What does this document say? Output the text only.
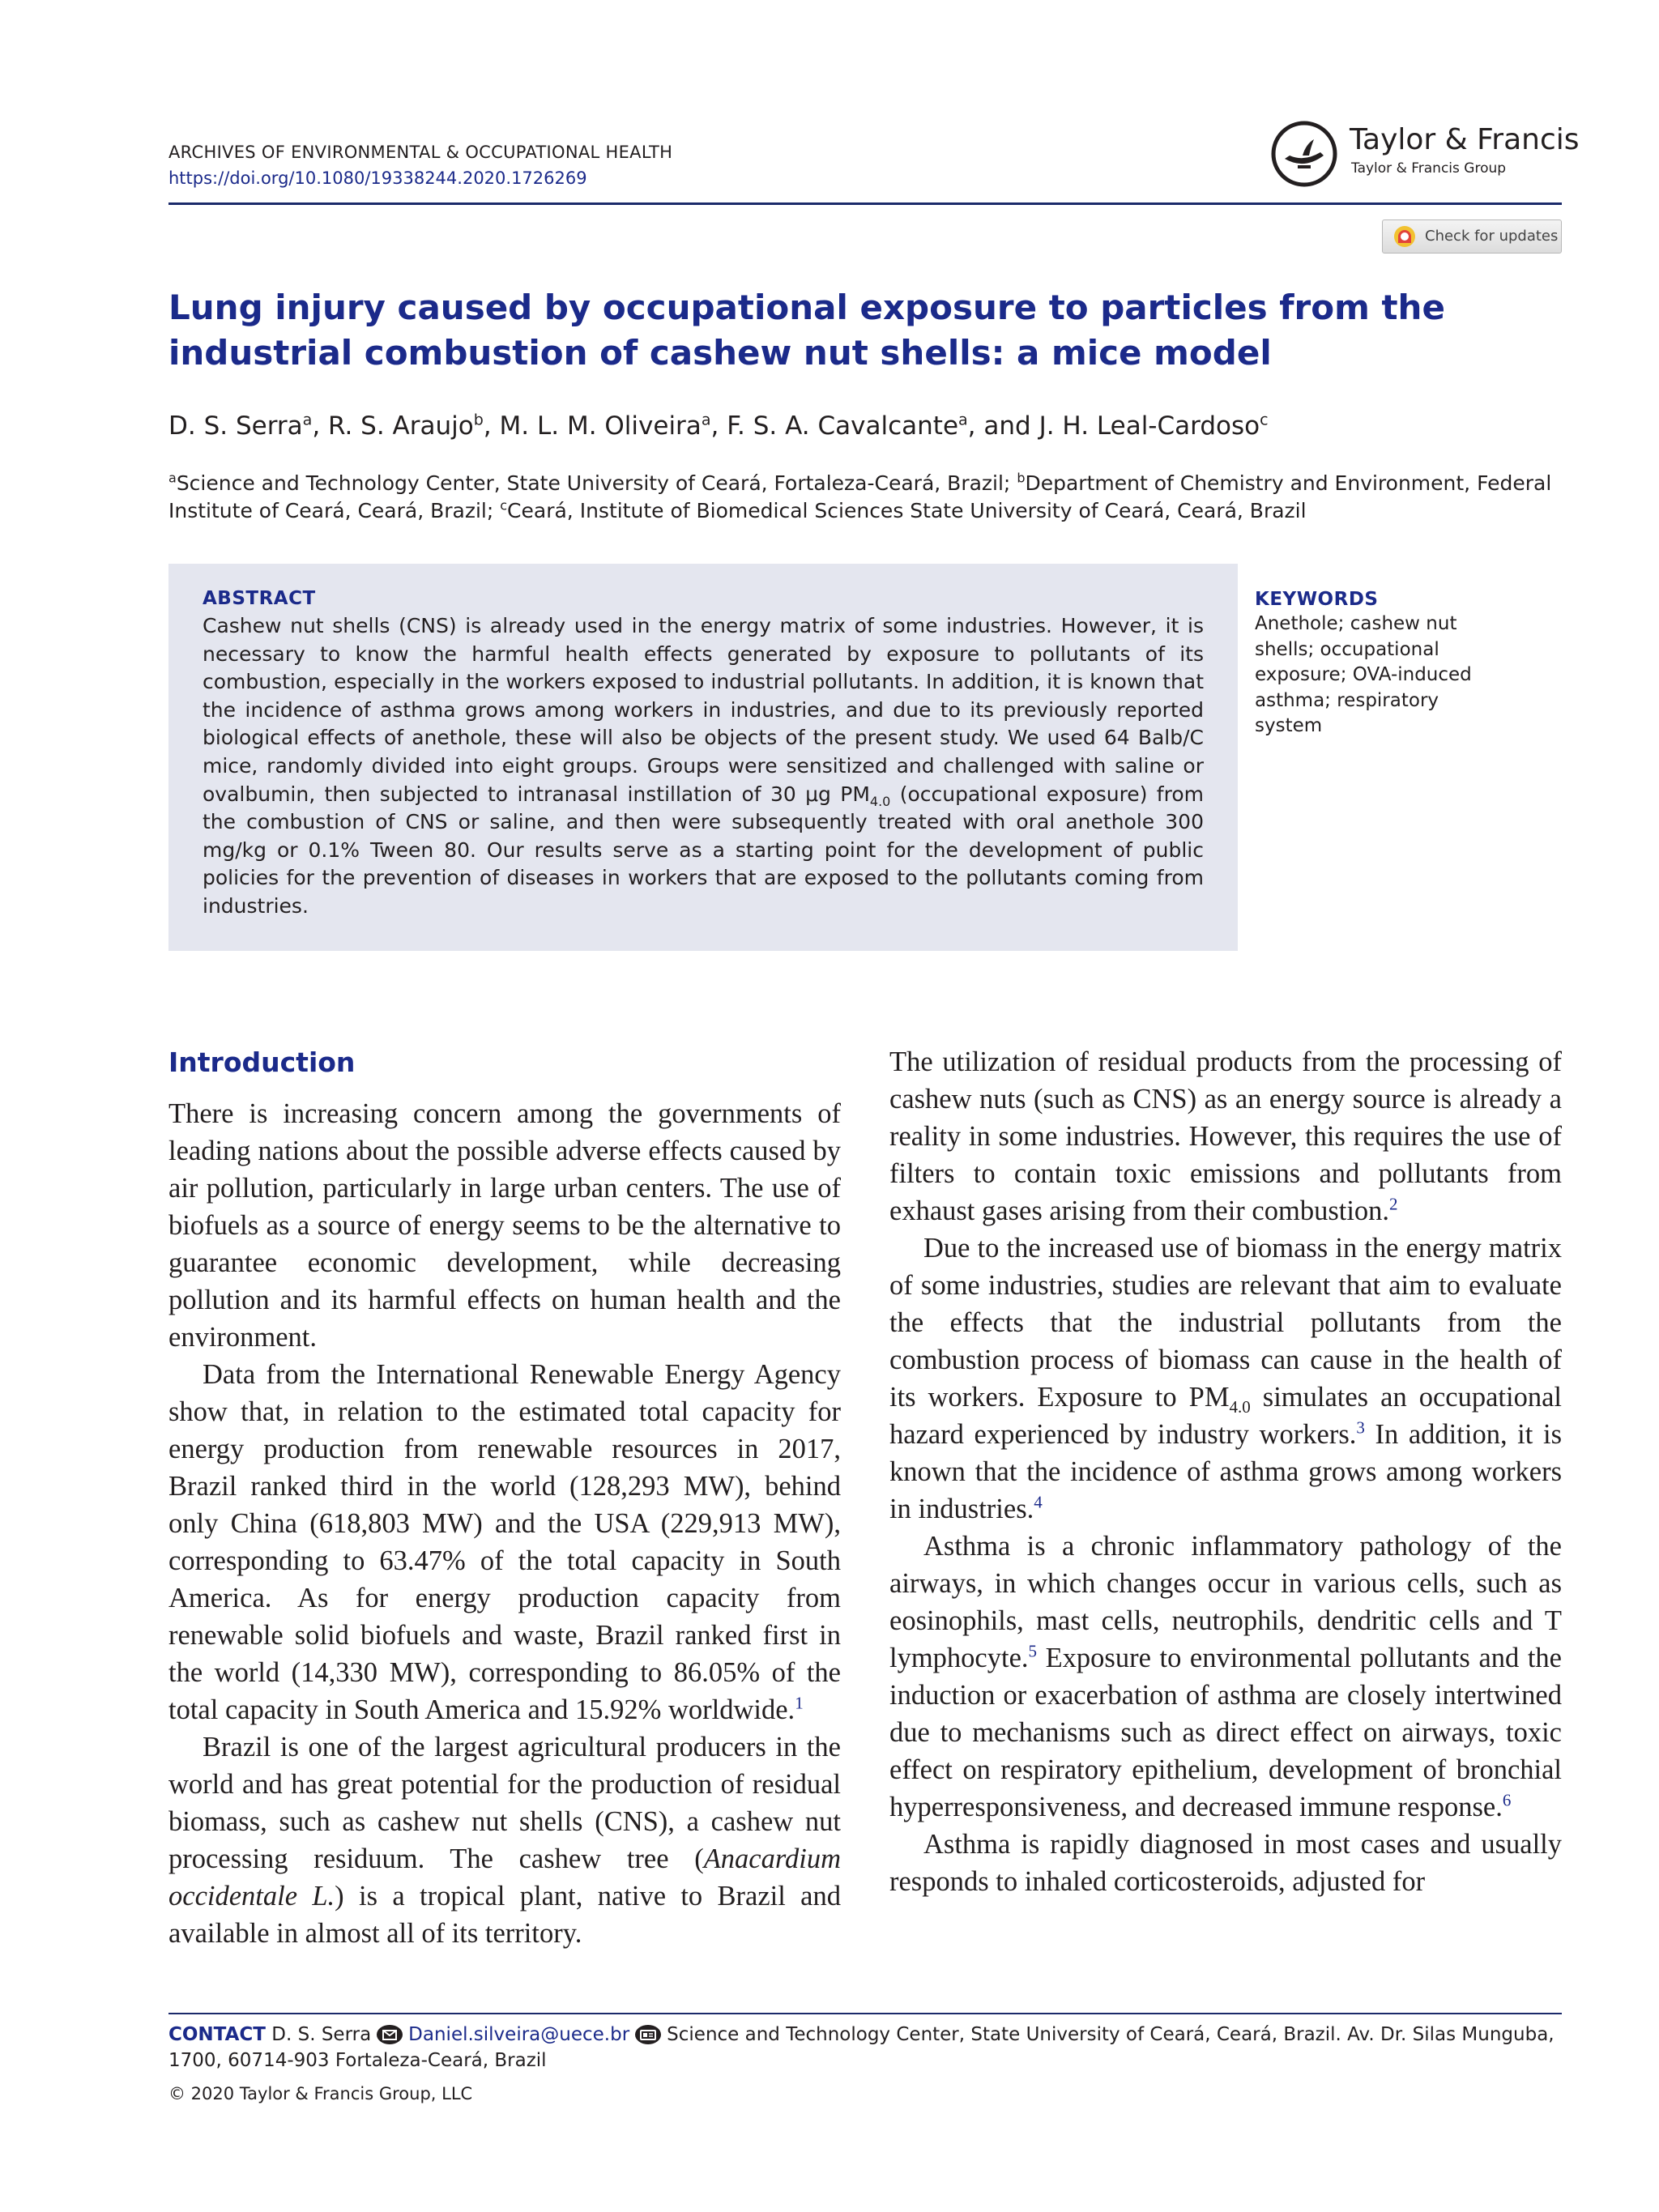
ARCHIVES OF ENVIRONMENTAL & OCCUPATIONAL HEALTH
https://doi.org/10.1080/19338244.2020.1726269
Taylor & Francis
Taylor & Francis Group
Check for updates
Lung injury caused by occupational exposure to particles from the industrial combustion of cashew nut shells: a mice model
D. S. Serra$^a$, R. S. Araujo$^b$, M. L. M. Oliveira$^a$, F. S. A. Cavalcante$^a$, and J. H. Leal-Cardoso$^c$
$^a$Science and Technology Center, State University of Ceará, Fortaleza-Ceará, Brazil; $^b$Department of Chemistry and Environment, Federal Institute of Ceará, Ceará, Brazil; $^c$Ceará, Institute of Biomedical Sciences State University of Ceará, Ceará, Brazil
ABSTRACT

Cashew nut shells (CNS) is already used in the energy matrix of some industries. However, it is necessary to know the harmful health effects generated by exposure to pollutants of its combustion, especially in the workers exposed to industrial pollutants. In addition, it is known that the incidence of asthma grows among workers in industries, and due to its previously reported biological effects of anethole, these will also be objects of the present study. We used 64 Balb/C mice, randomly divided into eight groups. Groups were sensitized and challenged with saline or ovalbumin, then subjected to intranasal instillation of 30 μg $PM_{4.0}$ (occupational exposure) from the combustion of CNS or saline, and then were subsequently treated with oral anethole 300 mg/kg or 0.1% Tween 80. Our results serve as a starting point for the development of public policies for the prevention of diseases in workers that are exposed to the pollutants coming from industries.

KEYWORDS

Anethole; cashew nut shells; occupational exposure; OVA-induced asthma; respiratory system

Introduction

There is increasing concern among the governments of leading nations about the possible adverse effects caused by air pollution, particularly in large urban centers. The use of biofuels as a source of energy seems to be the alternative to guarantee economic development, while decreasing pollution and its harmful effects on human health and the environment.

Data from the International Renewable Energy Agency show that, in relation to the estimated total capacity for energy production from renewable resources in 2017, Brazil ranked third in the world (128,293 MW), behind only China (618,803 MW) and the USA (229,913 MW), corresponding to 63.47% of the total capacity in South America. As for energy production capacity from renewable solid biofuels and waste, Brazil ranked first in the world (14,330 MW), corresponding to 86.05% of the total capacity in South America and 15.92% worldwide.$^1$

Brazil is one of the largest agricultural producers in the world and has great potential for the production of residual biomass, such as cashew nut shells (CNS), a cashew nut processing residuum. The cashew tree (Anacardium occidentale L.) is a tropical plant, native to Brazil and available in almost all of its territory.

The utilization of residual products from the processing of cashew nuts (such as CNS) as an energy source is already a reality in some industries. However, this requires the use of filters to contain toxic emissions and pollutants from exhaust gases arising from their combustion.$^2$

Due to the increased use of biomass in the energy matrix of some industries, studies are relevant that aim to evaluate the effects that the industrial pollutants from the combustion process of biomass can cause in the health of its workers. Exposure to $PM_{4.0}$ simulates an occupational hazard experienced by industry workers.$^3$ In addition, it is known that the incidence of asthma grows among workers in industries.$^4$

Asthma is a chronic inflammatory pathology of the airways, in which changes occur in various cells, such as eosinophils, mast cells, neutrophils, dendritic cells and T lymphocyte.$^5$ Exposure to environmental pollutants and the induction or exacerbation of asthma are closely intertwined due to mechanisms such as direct effect on airways, toxic effect on respiratory epithelium, development of bronchial hyperresponsiveness, and decreased immune response.$^6$

Asthma is rapidly diagnosed in most cases and usually responds to inhaled corticosteroids, adjusted for

CONTACT D. S. Serra Daniel.silveira@uece.br Science and Technology Center, State University of Ceará, Ceará, Brazil. Av. Dr. Silas Munguba, 1700, 60714-903 Fortaleza-Ceará, Brazil
© 2020 Taylor & Francis Group, LLC
